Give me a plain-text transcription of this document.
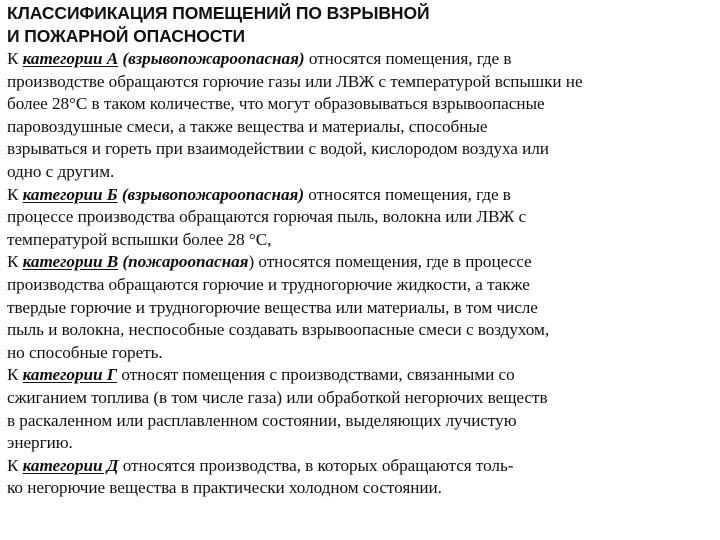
КЛАССИФИКАЦИЯ ПОМЕЩЕНИЙ ПО ВЗРЫВНОЙ
И ПОЖАРНОЙ ОПАСНОСТИ
К категории А (взрывопожароопасная) относятся помещения, где в
производстве обращаются горючие газы или ЛВЖ с температурой вспышки не
более 28°С в таком количестве, что могут образовываться взрывоопасные
паровоздушные смеси, а также вещества и материалы, способные
взрываться и гореть при взаимодействии с водой, кислородом воздуха или
одно с другим.
К категории Б (взрывопожароопасная) относятся помещения, где в
процессе производства обращаются горючая пыль, волокна или ЛВЖ с
температурой вспышки более 28 °С,
К категории В (пожароопасная) относятся помещения, где в процессе
производства обращаются горючие и трудногорючие жидкости, а также
твердые горючие и трудногорючие вещества или материалы, в том числе
пыль и волокна, неспособные создавать взрывоопасные смеси с воздухом,
но способные гореть.
К категории Г относят помещения с производствами, связанными со
сжиганием топлива (в том числе газа) или обработкой негорючих веществ
в раскаленном или расплавленном состоянии, выделяющих лучистую
энергию.
К категории Д относятся производства, в которых обращаются толь-
ко негорючие вещества в практически холодном состоянии.
